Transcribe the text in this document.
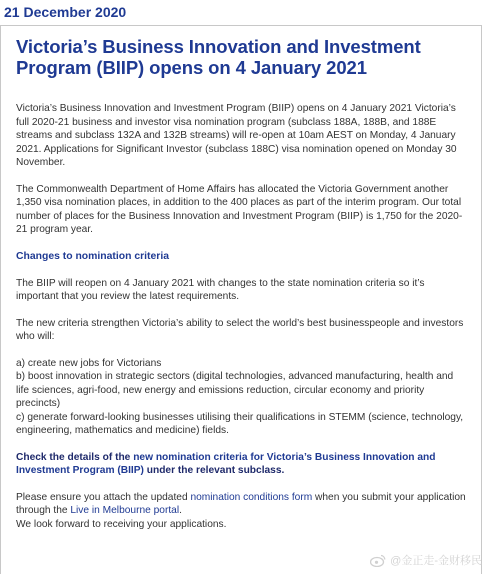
21 December 2020
Victoria’s Business Innovation and Investment
Program (BIIP) opens on 4 January 2021

Victoria’s Business Innovation and Investment Program (BIIP) opens on 4 January 2021 Victoria’s full 2020-21 business and investor visa nomination program (subclass 188A, 188B, and 188E streams and subclass 132A and 132B streams) will re-open at 10am AEST on Monday, 4 January 2021. Applications for Significant Investor (subclass 188C) visa nomination opened on Monday 30 November.

The Commonwealth Department of Home Affairs has allocated the Victoria Government another 1,350 visa nomination places, in addition to the 400 places as part of the interim program. Our total number of places for the Business Innovation and Investment Program (BIIP) is 1,750 for the 2020-21 program year.

Changes to nomination criteria

The BIIP will reopen on 4 January 2021 with changes to the state nomination criteria so it’s important that you review the latest requirements.

The new criteria strengthen Victoria’s ability to select the world’s best businesspeople and investors who will:

a) create new jobs for Victorians

b) boost innovation in strategic sectors (digital technologies, advanced manufacturing, health and life sciences, agri-food, new energy and emissions reduction, circular economy and priority precincts)

c) generate forward-looking businesses utilising their qualifications in STEMM (science, technology, engineering, mathematics and medicine) fields.

Check the details of the new nomination criteria for Victoria’s Business Innovation and Investment Program (BIIP) under the relevant subclass.

Please ensure you attach the updated nomination conditions form when you submit your application through the Live in Melbourne portal.

We look forward to receiving your applications.

@金正走-金财移民
